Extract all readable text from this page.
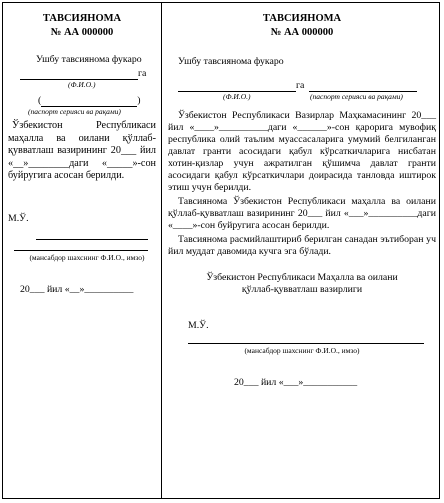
ТАВСИЯНОМА

№ АА 000000

Ушбу тавсиянома фукаро

га
(Ф.И.О.)
(	)
(паспорт серияси ва рақами)

Ўзбекистон Республикаси маҳалла ва оилани қўллаб-қувватлаш вазирининг 20___ йил «__»________даги «_____»-сон буйругига асосан берилди.

М.Ў.

(мансабдор шахснинг Ф.И.О., имзо)

20___ йил «__»__________

ТАВСИЯНОМА

№ АА 000000

Ушбу тавсиянома фукаро

га
(Ф.И.О.)	(паспорт серияси ва рақами)

Ўзбекистон Республикаси Вазирлар Маҳкамасининг 20___ йил «____»__________даги «______»-сон қарорига мувофиқ республика олий таълим муассасаларига умумий белгиланган давлат гранти асосидаги қабул кўрсаткичларига нисбатан хотин-қизлар учун ажратилган қўшимча давлат гранти асосидаги қабул кўрсаткичлари доирасида танловда иштирок этиш учун берилди.

Тавсиянома Ўзбекистон Республикаси маҳалла ва оилани қўллаб-қувватлаш вазирининг 20___ йил «___»__________даги «____»-сон буйругига асосан берилди.

Тавсиянома расмийлаштириб берилган санадан эътиборан уч йил муддат давомида кучга эга бўлади.

Ўзбекистон Республикаси Маҳалла ва оилани

қўллаб-қувватлаш вазирлиги

М.Ў.

(мансабдор шахснинг Ф.И.О., имзо)

20___ йил «___»___________
